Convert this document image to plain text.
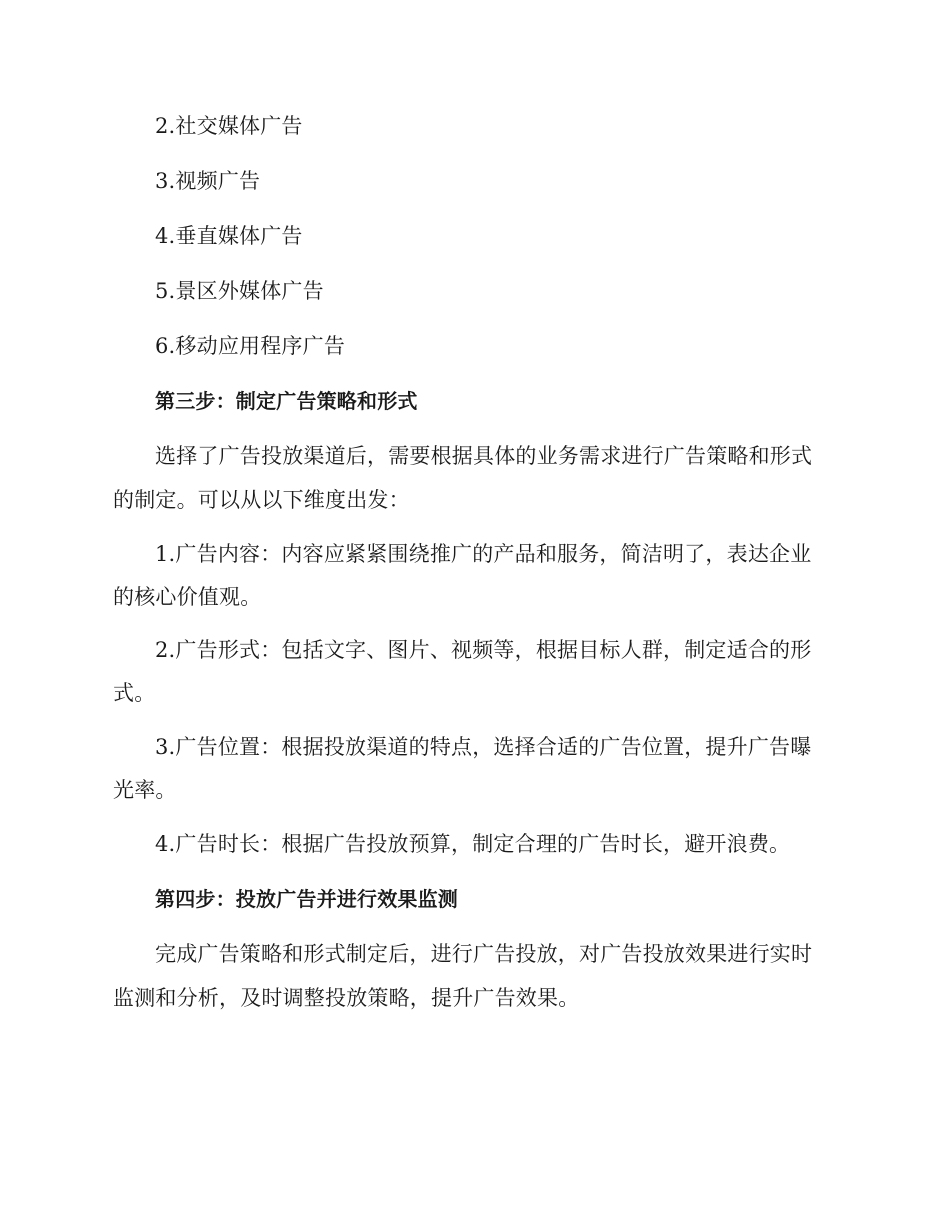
2.社交媒体广告
3.视频广告
4.垂直媒体广告
5.景区外媒体广告
6.移动应用程序广告
第三步：制定广告策略和形式
选择了广告投放渠道后，需要根据具体的业务需求进行广告策略和形式
的制定。可以从以下维度出发：
1.广告内容：内容应紧紧围绕推广的产品和服务，简洁明了，表达企业
的核心价值观。
2.广告形式：包括文字、图片、视频等，根据目标人群，制定适合的形
式。
3.广告位置：根据投放渠道的特点，选择合适的广告位置，提升广告曝
光率。
4.广告时长：根据广告投放预算，制定合理的广告时长，避开浪费。
第四步：投放广告并进行效果监测
完成广告策略和形式制定后，进行广告投放，对广告投放效果进行实时
监测和分析，及时调整投放策略，提升广告效果。
